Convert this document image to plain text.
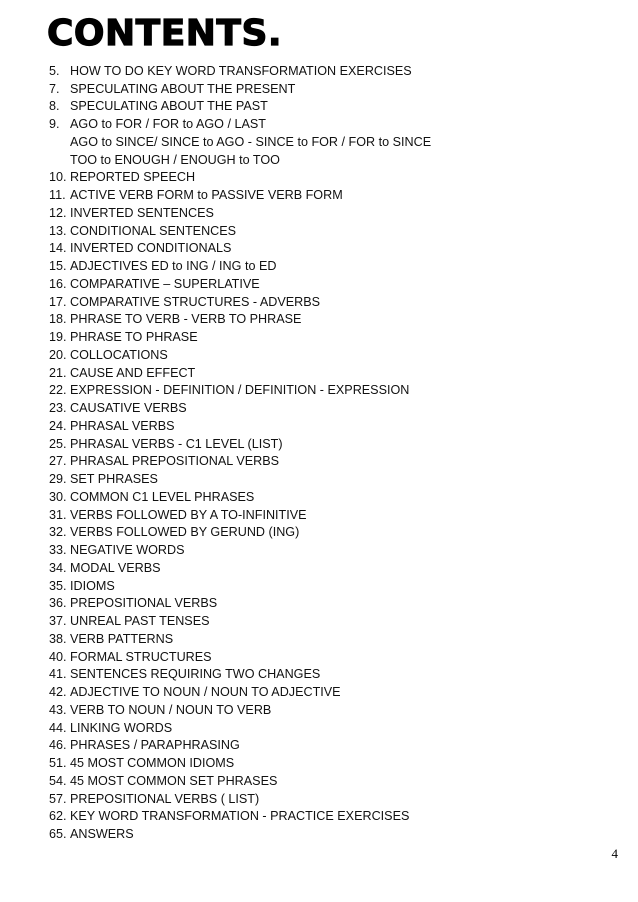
CONTENTS.
5. HOW TO DO KEY WORD TRANSFORMATION EXERCISES
7. SPECULATING ABOUT THE PRESENT
8. SPECULATING ABOUT THE PAST
9. AGO to FOR / FOR to AGO / LAST
AGO to SINCE/ SINCE to AGO - SINCE to FOR / FOR to SINCE
TOO to ENOUGH / ENOUGH to TOO
10. REPORTED SPEECH
11. ACTIVE VERB FORM to PASSIVE VERB FORM
12. INVERTED SENTENCES
13. CONDITIONAL SENTENCES
14. INVERTED CONDITIONALS
15. ADJECTIVES ED to ING / ING to ED
16. COMPARATIVE – SUPERLATIVE
17. COMPARATIVE STRUCTURES - ADVERBS
18. PHRASE TO VERB - VERB TO PHRASE
19. PHRASE TO PHRASE
20. COLLOCATIONS
21. CAUSE AND EFFECT
22. EXPRESSION - DEFINITION / DEFINITION - EXPRESSION
23. CAUSATIVE VERBS
24. PHRASAL VERBS
25. PHRASAL VERBS - C1 LEVEL (LIST)
27. PHRASAL PREPOSITIONAL VERBS
29. SET PHRASES
30. COMMON C1 LEVEL PHRASES
31. VERBS FOLLOWED BY A TO-INFINITIVE
32. VERBS FOLLOWED BY GERUND (ING)
33. NEGATIVE WORDS
34. MODAL VERBS
35. IDIOMS
36. PREPOSITIONAL VERBS
37. UNREAL PAST TENSES
38. VERB PATTERNS
40. FORMAL STRUCTURES
41. SENTENCES REQUIRING TWO CHANGES
42. ADJECTIVE TO NOUN / NOUN TO ADJECTIVE
43. VERB TO NOUN / NOUN TO VERB
44. LINKING WORDS
46. PHRASES / PARAPHRASING
51. 45 MOST COMMON IDIOMS
54. 45 MOST COMMON SET PHRASES
57. PREPOSITIONAL VERBS ( LIST)
62. KEY WORD TRANSFORMATION - PRACTICE EXERCISES
65. ANSWERS
4
